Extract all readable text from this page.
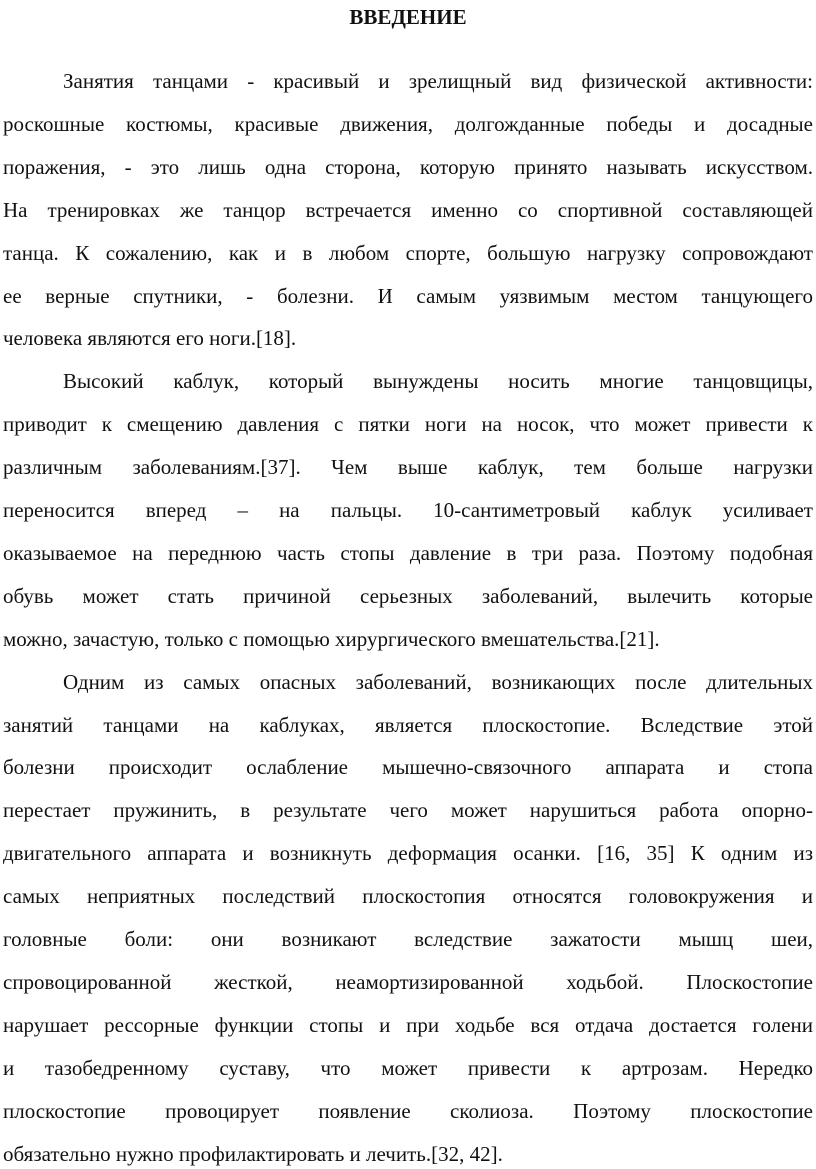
ВВЕДЕНИЕ

Занятия танцами - красивый и зрелищный вид физической активности:

роскошные костюмы, красивые движения, долгожданные победы и досадные

поражения, - это лишь одна сторона, которую принято называть искусством.

На тренировках же танцор встречается именно со спортивной составляющей

танца. К сожалению, как и в любом спорте, большую нагрузку сопровождают

ее верные спутники, - болезни. И самым уязвимым местом танцующего

человека являются его ноги.[18].

Высокий каблук, который вынуждены носить многие танцовщицы,

приводит к смещению давления с пятки ноги на носок, что может привести к

различным заболеваниям.[37]. Чем выше каблук, тем больше нагрузки

переносится вперед – на пальцы. 10-сантиметровый каблук усиливает

оказываемое на переднюю часть стопы давление в три раза. Поэтому подобная

обувь может стать причиной серьезных заболеваний, вылечить которые

можно, зачастую, только с помощью хирургического вмешательства.[21].

Одним из самых опасных заболеваний, возникающих после длительных

занятий танцами на каблуках, является плоскостопие. Вследствие этой

болезни происходит ослабление мышечно-связочного аппарата и стопа

перестает пружинить, в результате чего может нарушиться работа опорно-

двигательного аппарата и возникнуть деформация осанки. [16, 35] К одним из

самых неприятных последствий плоскостопия относятся головокружения и

головные боли: они возникают вследствие зажатости мышц шеи,

спровоцированной жесткой, неамортизированной ходьбой. Плоскостопие

нарушает рессорные функции стопы и при ходьбе вся отдача достается голени

и тазобедренному суставу, что может привести к артрозам. Нередко

плоскостопие провоцирует появление сколиоза. Поэтому плоскостопие

обязательно нужно профилактировать и лечить.[32, 42].
